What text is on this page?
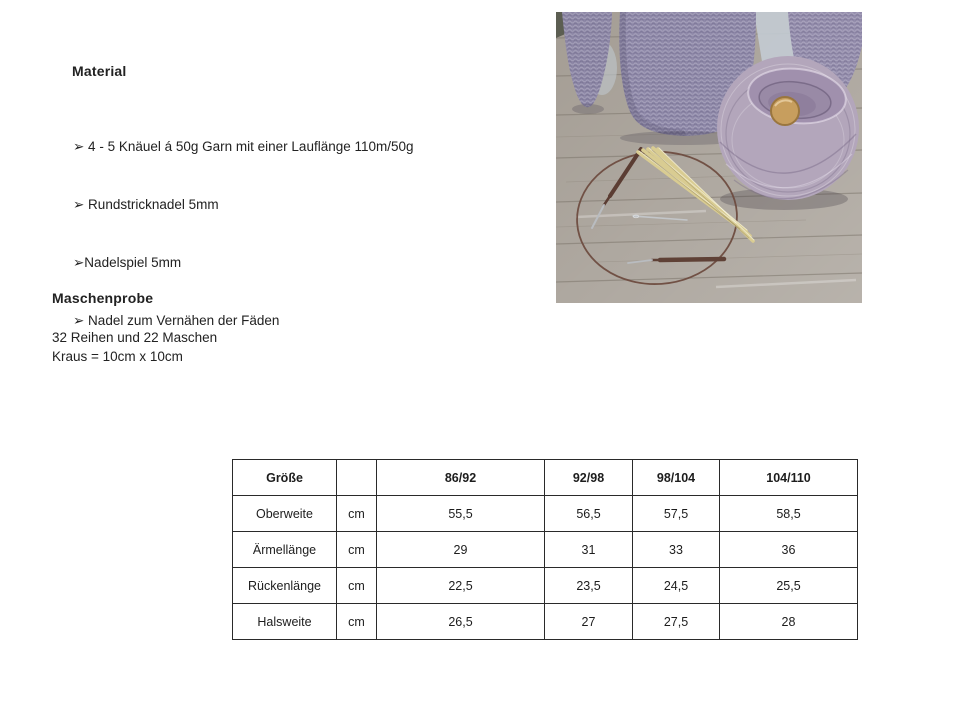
Material

➢ 4 - 5 Knäuel á 50g Garn mit einer Lauflänge 110m/50g

➢ Rundstricknadel 5mm

➢Nadelspiel 5mm

➢ Nadel zum Vernähen der Fäden

Maschenprobe
32 Reihen und 22 Maschen
Kraus = 10cm x 10cm
Größe		86/92	92/98	98/104	104/110
Oberweite	cm	55,5	56,5	57,5	58,5
Ärmellänge	cm	29	31	33	36
Rückenlänge	cm	22,5	23,5	24,5	25,5
Halsweite	cm	26,5	27	27,5	28
